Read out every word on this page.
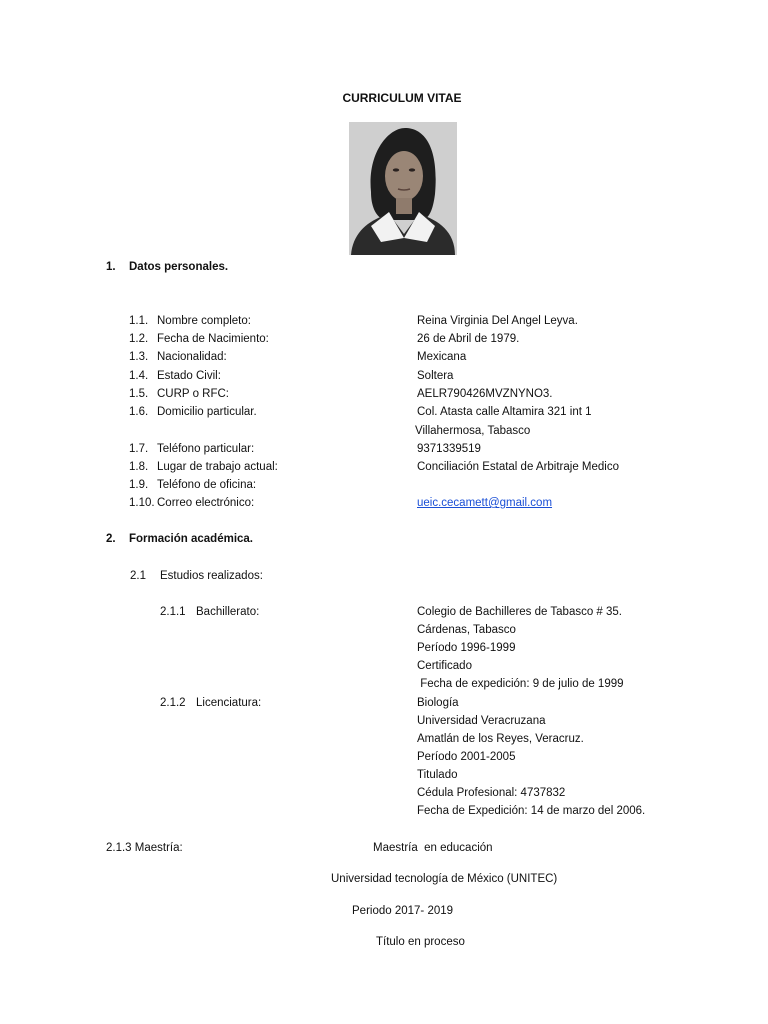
CURRICULUM VITAE
1. Datos personales.
1.1. Nombre completo:	Reina Virginia Del Angel Leyva.
1.2. Fecha de Nacimiento:	26 de Abril de 1979.
1.3. Nacionalidad:	Mexicana
1.4. Estado Civil:	Soltera
1.5. CURP o RFC:	AELR790426MVZNYNO3.
1.6. Domicilio particular.	Col. Atasta calle Altamira 321 int 1
Villahermosa, Tabasco
1.7. Teléfono particular:	9371339519
1.8. Lugar de trabajo actual:	Conciliación Estatal de Arbitraje Medico
1.9. Teléfono de oficina:
1.10. Correo electrónico:	ueic.cecamett@gmail.com
2. Formación académica.
2.1 Estudios realizados:
2.1.1 Bachillerato:	Colegio de Bachilleres de Tabasco # 35.
Cárdenas, Tabasco
Período 1996-1999
Certificado
Fecha de expedición: 9 de julio de 1999
2.1.2 Licenciatura:	Biología
Universidad Veracruzana
Amatlán de los Reyes, Veracruz.
Período 2001-2005
Titulado
Cédula Profesional: 4737832
Fecha de Expedición: 14 de marzo del 2006.
2.1.3 Maestría:	Maestría  en educación
Universidad tecnología de México (UNITEC)
Periodo 2017- 2019
Título en proceso
